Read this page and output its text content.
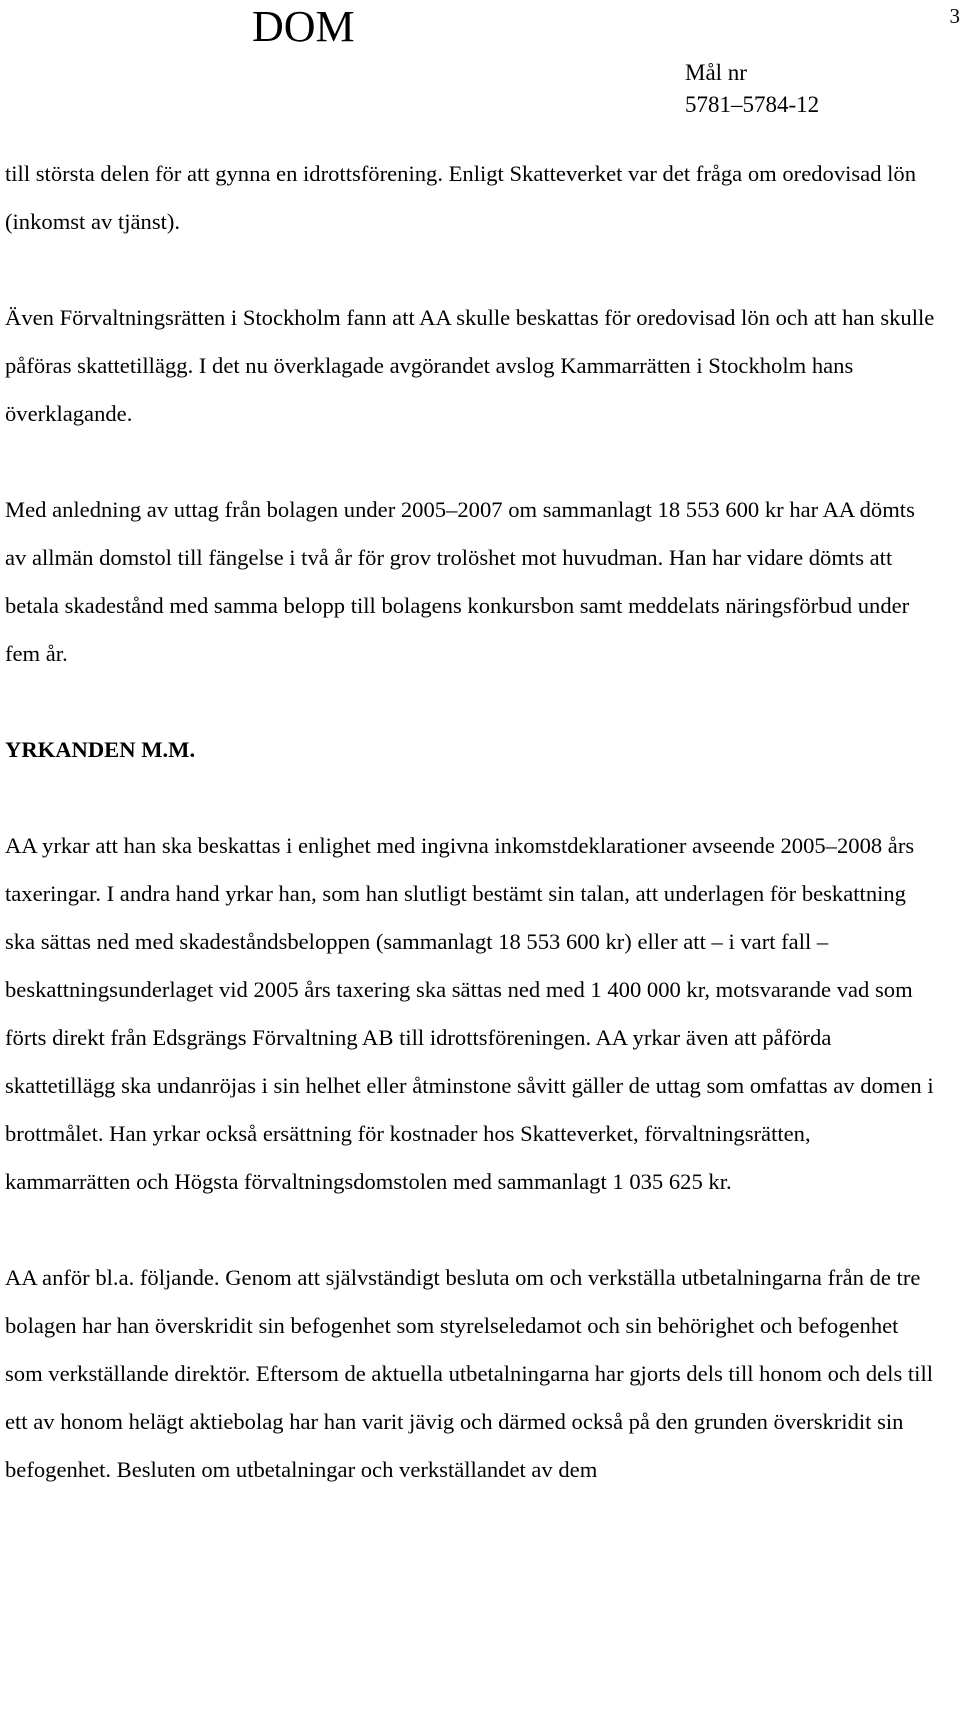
DOM	3
Mål nr
5781–5784-12

till största delen för att gynna en idrottsförening. Enligt Skatteverket var det fråga om oredovisad lön (inkomst av tjänst).

Även Förvaltningsrätten i Stockholm fann att AA skulle beskattas för oredovisad lön och att han skulle påföras skattetillägg. I det nu överklagade avgörandet avslog Kammarrätten i Stockholm hans överklagande.

Med anledning av uttag från bolagen under 2005–2007 om sammanlagt 18 553 600 kr har AA dömts av allmän domstol till fängelse i två år för grov trolöshet mot huvudman. Han har vidare dömts att betala skadestånd med samma belopp till bolagens konkursbon samt meddelats näringsförbud under fem år.

YRKANDEN M.M.

AA yrkar att han ska beskattas i enlighet med ingivna inkomstdeklarationer avseende 2005–2008 års taxeringar. I andra hand yrkar han, som han slutligt bestämt sin talan, att underlagen för beskattning ska sättas ned med skadeståndsbeloppen (sammanlagt 18 553 600 kr) eller att – i vart fall – beskattningsunderlaget vid 2005 års taxering ska sättas ned med 1 400 000 kr, motsvarande vad som förts direkt från Edsgrängs Förvaltning AB till idrottsföreningen. AA yrkar även att påförda skattetillägg ska undanröjas i sin helhet eller åtminstone såvitt gäller de uttag som omfattas av domen i brottmålet. Han yrkar också ersättning för kostnader hos Skatteverket, förvaltningsrätten, kammarrätten och Högsta förvaltningsdomstolen med sammanlagt 1 035 625 kr.

AA anför bl.a. följande. Genom att självständigt besluta om och verkställa utbetalningarna från de tre bolagen har han överskridit sin befogenhet som styrelseledamot och sin behörighet och befogenhet som verkställande direktör. Eftersom de aktuella utbetalningarna har gjorts dels till honom och dels till ett av honom helägt aktiebolag har han varit jävig och därmed också på den grunden överskridit sin befogenhet. Besluten om utbetalningar och verkställandet av dem
